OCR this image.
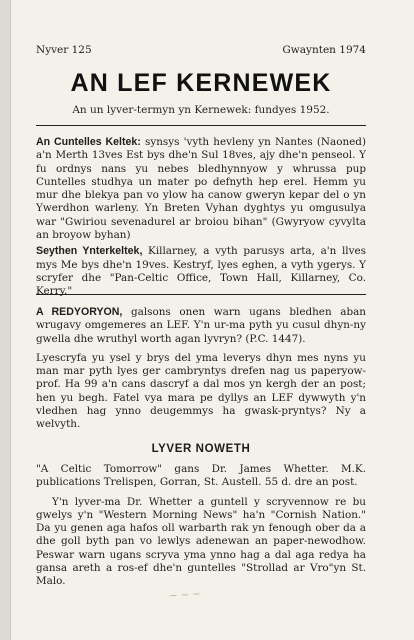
Nyver 125	Gwaynten 1974
AN LEF KERNEWEK
An un lyver-termyn yn Kernewek: fundyes 1952.

An Cuntelles Keltek: synsys 'vyth hevleny yn Nantes (Naoned) a'n Merth 13ves Est bys dhe'n Sul 18ves, ajy dhe'n penseol. Y fu ordnys nans yu nebes bledhynnyow y whrussa pup Cuntelles studhya un mater po defnyth hep erel. Hemm yu mur dhe blekya pan vo ylow ha canow gweryn kepar del o yn Ywerdhon warleny. Yn Breten Vyhan dyghtys yu omgusulya war "Gwiriou sevenadurel ar broiou bihan" (Gwyryow cyvylta an broyow byhan)

Seythen Ynterkeltek, Killarney, a vyth parusys arta, a'n llves mys Me bys dhe'n 19ves. Kestryf, lyes eghen, a vyth ygerys. Y scryfer dhe "Pan-Celtic Office, Town Hall, Killarney, Co. Kerry."

A REDYORYON, galsons onen warn ugans bledhen aban wrugavy omgemeres an LEF. Y'n ur-ma pyth yu cusul dhyn-ny gwella dhe wruthyl worth agan lyvryn? (P.C. 1447).

Lyescryfa yu ysel y brys del yma leverys dhyn mes nyns yu man mar pyth lyes ger cambryntys drefen nag us paperyow-prof. Ha 99 a'n cans dascryf a dal mos yn kergh der an post; hen yu begh. Fatel vya mara pe dyllys an LEF dywwyth y'n vledhen hag ynno deugemmys ha gwask-pryntys? Ny a welvyth.

LYVER NOWETH

"A Celtic Tomorrow" gans Dr. James Whetter. M.K. publications Trelispen, Gorran, St. Austell. 55 d. dre an post.

Y'n lyver-ma Dr. Whetter a guntell y scryvennow re bu gwelys y'n "Western Morning News" ha'n "Cornish Nation." Da yu genen aga hafos oll warbarth rak yn fenough ober da a dhe goll byth pan vo lewlys adenewan an paper-newodhow. Peswar warn ugans scryva yma ynno hag a dal aga redya ha gansa areth a ros-ef dhe'n guntelles "Strollad ar Vro"yn St. Malo.

~ ~ ~
